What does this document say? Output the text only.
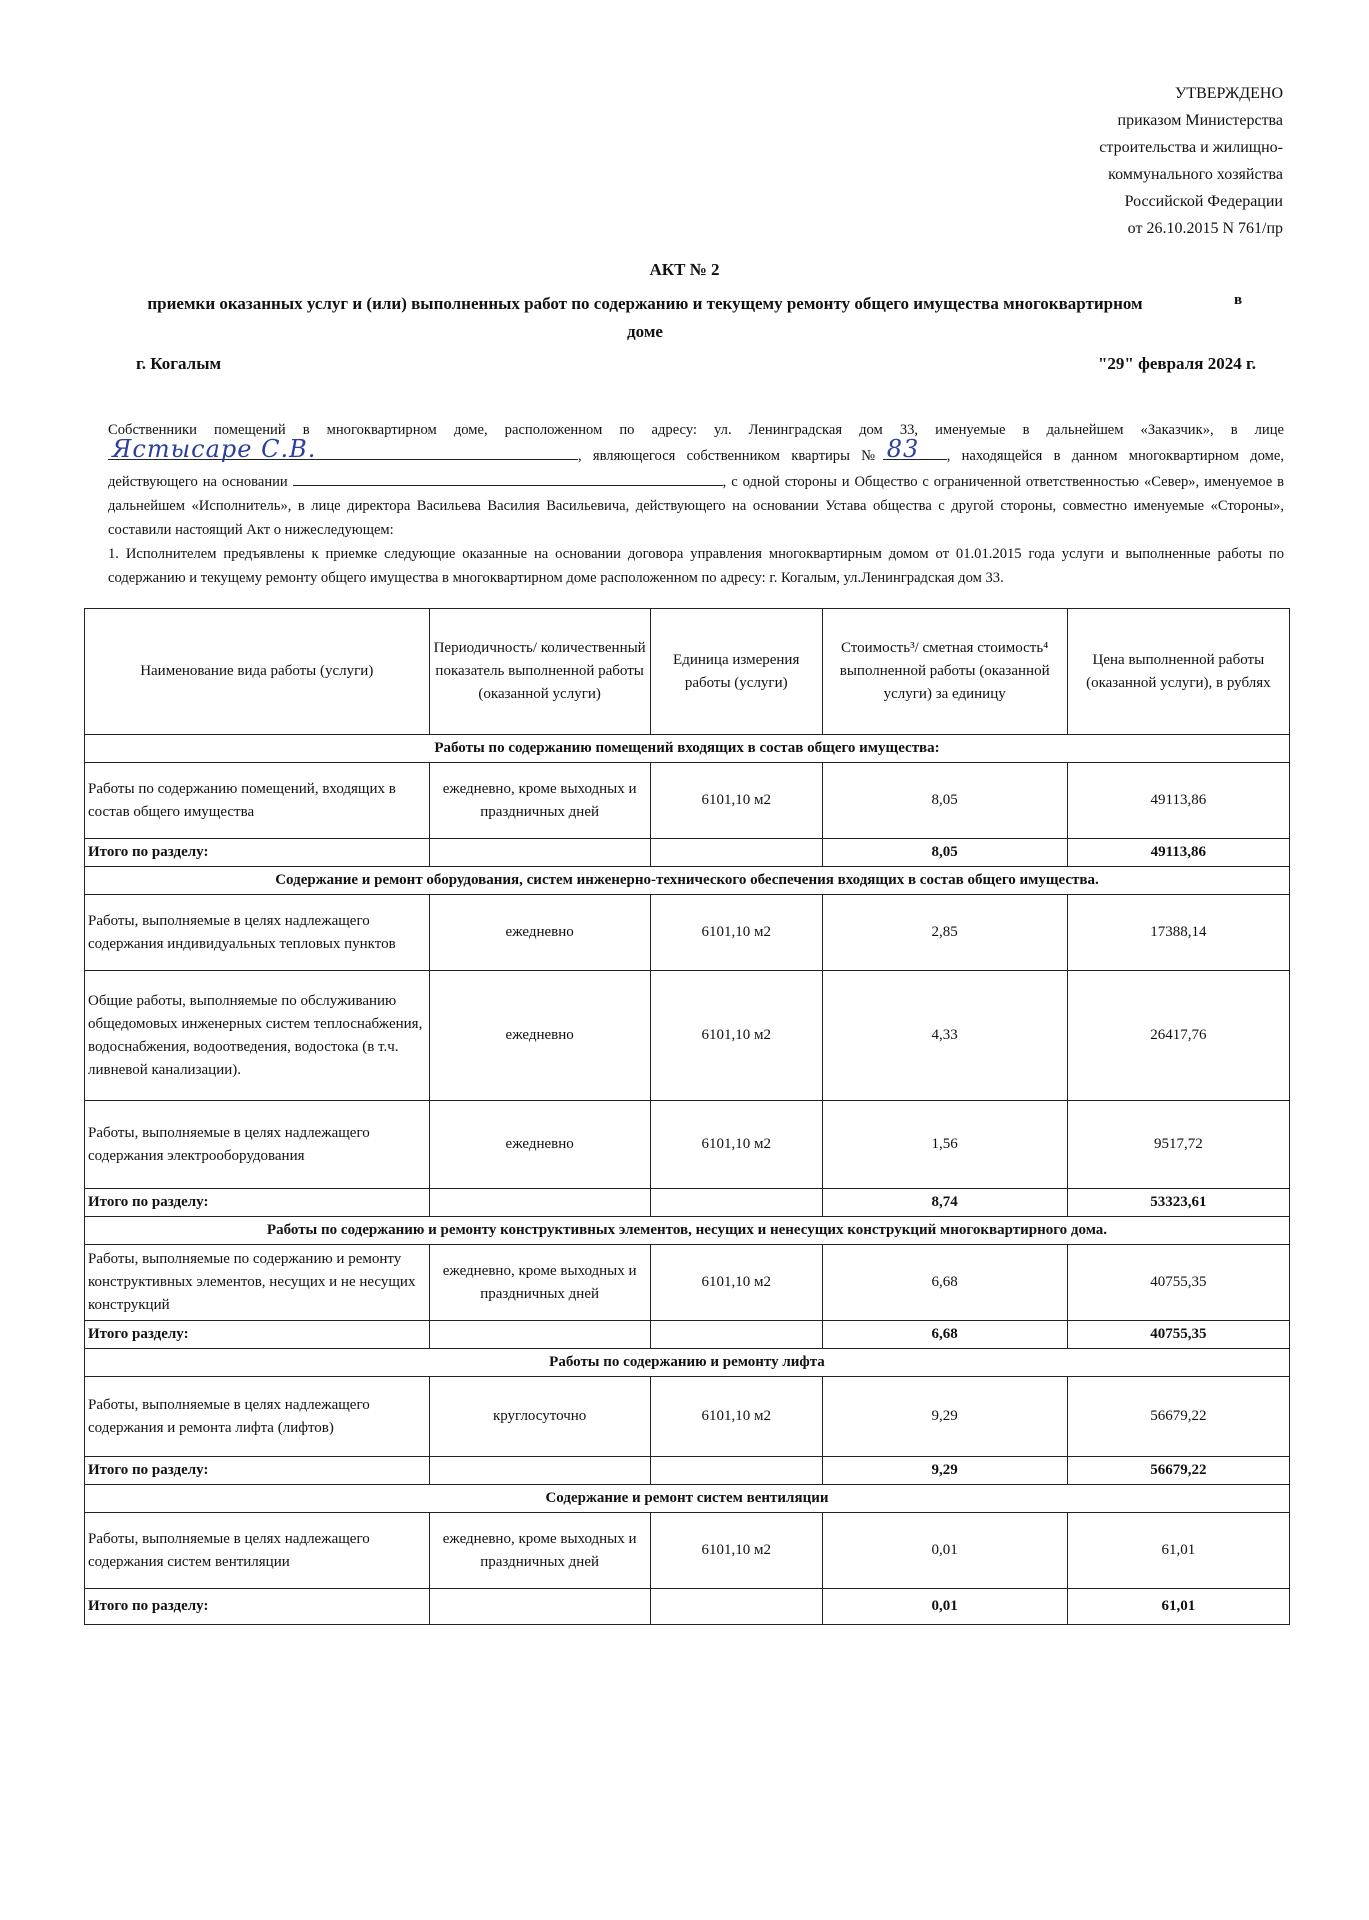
УТВЕРЖДЕНО
приказом Министерства
строительства и жилищно-
коммунального хозяйства
Российской Федерации
от 26.10.2015 N 761/пр
АКТ № 2
приемки оказанных услуг и (или) выполненных работ по содержанию и текущему ремонту общего имущества многоквартирном доме
в
г. Когалым	"29" февраля 2024 г.

Собственники помещений в многоквартирном доме, расположенном по адресу: ул. Ленинградская дом 33, именуемые в дальнейшем «Заказчик», в лице
Ястысаре С.В.	, являющегося собственником квартиры № 83 , находящейся в данном многоквартирном доме, действующего на основании	, с одной стороны и Общество с ограниченной ответственностью «Север», именуемое в дальнейшем «Исполнитель», в лице директора Васильева Василия Васильевича, действующего на основании Устава общества с другой стороны, совместно именуемые «Стороны», составили настоящий Акт о нижеследующем:

1. Исполнителем предъявлены к приемке следующие оказанные на основании договора управления многоквартирным домом от 01.01.2015 года услуги и выполненные работы по содержанию и текущему ремонту общего имущества в многоквартирном доме расположенном по адресу: г. Когалым, ул.Ленинградская дом 33.

Наименование вида работы (услуги)	Периодичность/ количественный показатель выполненной работы (оказанной услуги)	Единица измерения работы (услуги)	Стоимость³/ сметная стоимость⁴ выполненной работы (оказанной услуги) за единицу	Цена выполненной работы (оказанной услуги), в рублях
Работы по содержанию помещений входящих в состав общего имущества:				
Работы по содержанию помещений, входящих в состав общего имущества	ежедневно, кроме выходных и праздничных дней	6101,10 м2	8,05	49113,86
Итого по разделу:			8,05	49113,86
Содержание и ремонт оборудования, систем инженерно-технического обеспечения входящих в состав общего имущества.				
Работы, выполняемые в целях надлежащего содержания индивидуальных тепловых пунктов	ежедневно	6101,10 м2	2,85	17388,14
Общие работы, выполняемые по обслуживанию общедомовых инженерных систем теплоснабжения, водоснабжения, водоотведения, водостока (в т.ч. ливневой канализации).	ежедневно	6101,10 м2	4,33	26417,76
Работы, выполняемые в целях надлежащего содержания электрооборудования	ежедневно	6101,10 м2	1,56	9517,72
Итого по разделу:			8,74	53323,61
Работы по содержанию и ремонту конструктивных элементов, несущих и ненесущих конструкций многоквартирного дома.				
Работы, выполняемые по содержанию и ремонту конструктивных элементов, несущих и не несущих конструкций	ежедневно, кроме выходных и праздничных дней	6101,10 м2	6,68	40755,35
Итого разделу:			6,68	40755,35
Работы по содержанию и ремонту лифта				
Работы, выполняемые в целях надлежащего содержания и ремонта лифта (лифтов)	круглосуточно	6101,10 м2	9,29	56679,22
Итого по разделу:			9,29	56679,22
Содержание и ремонт систем вентиляции				
Работы, выполняемые в целях надлежащего содержания систем вентиляции	ежедневно, кроме выходных и праздничных дней	6101,10 м2	0,01	61,01
Итого по разделу:			0,01	61,01
